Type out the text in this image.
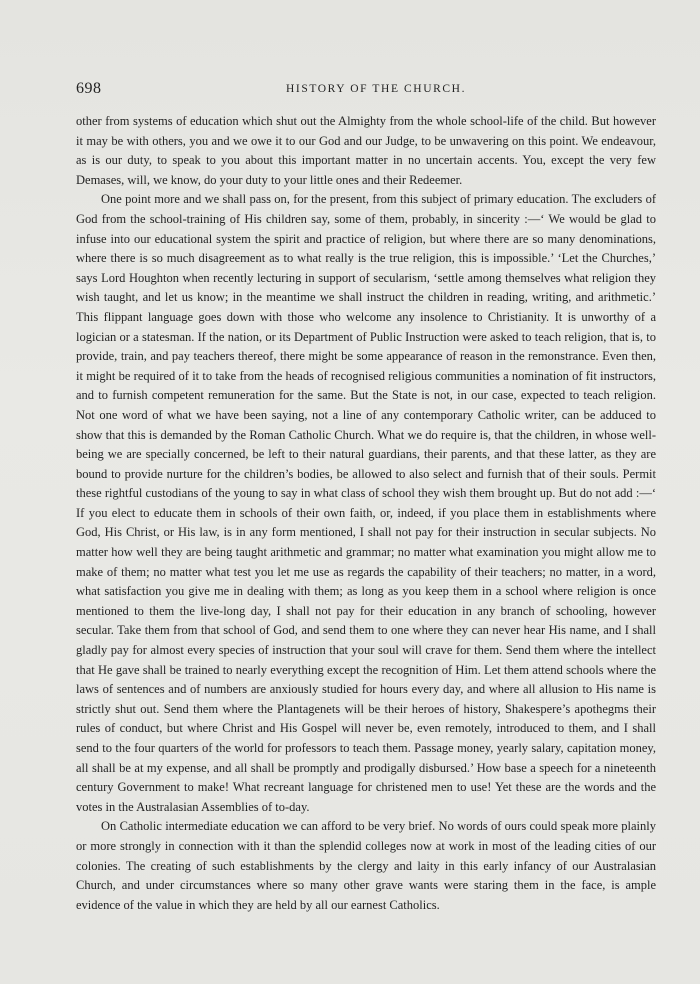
698	HISTORY OF THE CHURCH.

other from systems of education which shut out the Almighty from the whole school-life of the child. But however it may be with others, you and we owe it to our God and our Judge, to be unwavering on this point. We endeavour, as is our duty, to speak to you about this important matter in no uncertain accents. You, except the very few Demases, will, we know, do your duty to your little ones and their Redeemer.

One point more and we shall pass on, for the present, from this subject of primary education. The excluders of God from the school-training of His children say, some of them, probably, in sincerity :—‘ We would be glad to infuse into our educational system the spirit and practice of religion, but where there are so many denominations, where there is so much disagreement as to what really is the true religion, this is impossible.’ ‘Let the Churches,’ says Lord Houghton when recently lecturing in support of secularism, ‘settle among themselves what religion they wish taught, and let us know; in the meantime we shall instruct the children in reading, writing, and arithmetic.’ This flippant language goes down with those who welcome any insolence to Christianity. It is unworthy of a logician or a statesman. If the nation, or its Department of Public Instruction were asked to teach religion, that is, to provide, train, and pay teachers thereof, there might be some appearance of reason in the remonstrance. Even then, it might be required of it to take from the heads of recognised religious communities a nomination of fit instructors, and to furnish competent remuneration for the same. But the State is not, in our case, expected to teach religion. Not one word of what we have been saying, not a line of any contemporary Catholic writer, can be adduced to show that this is demanded by the Roman Catholic Church. What we do require is, that the children, in whose well-being we are specially concerned, be left to their natural guardians, their parents, and that these latter, as they are bound to provide nurture for the children’s bodies, be allowed to also select and furnish that of their souls. Permit these rightful custodians of the young to say in what class of school they wish them brought up. But do not add :—‘ If you elect to educate them in schools of their own faith, or, indeed, if you place them in establishments where God, His Christ, or His law, is in any form mentioned, I shall not pay for their instruction in secular subjects. No matter how well they are being taught arithmetic and grammar; no matter what examination you might allow me to make of them; no matter what test you let me use as regards the capability of their teachers; no matter, in a word, what satisfaction you give me in dealing with them; as long as you keep them in a school where religion is once mentioned to them the live-long day, I shall not pay for their education in any branch of schooling, however secular. Take them from that school of God, and send them to one where they can never hear His name, and I shall gladly pay for almost every species of instruction that your soul will crave for them. Send them where the intellect that He gave shall be trained to nearly everything except the recognition of Him. Let them attend schools where the laws of sentences and of numbers are anxiously studied for hours every day, and where all allusion to His name is strictly shut out. Send them where the Plantagenets will be their heroes of history, Shakespere’s apothegms their rules of conduct, but where Christ and His Gospel will never be, even remotely, introduced to them, and I shall send to the four quarters of the world for professors to teach them. Passage money, yearly salary, capitation money, all shall be at my expense, and all shall be promptly and prodigally disbursed.’ How base a speech for a nineteenth century Government to make! What recreant language for christened men to use! Yet these are the words and the votes in the Australasian Assemblies of to-day.

On Catholic intermediate education we can afford to be very brief. No words of ours could speak more plainly or more strongly in connection with it than the splendid colleges now at work in most of the leading cities of our colonies. The creating of such establishments by the clergy and laity in this early infancy of our Australasian Church, and under circumstances where so many other grave wants were staring them in the face, is ample evidence of the value in which they are held by all our earnest Catholics.
